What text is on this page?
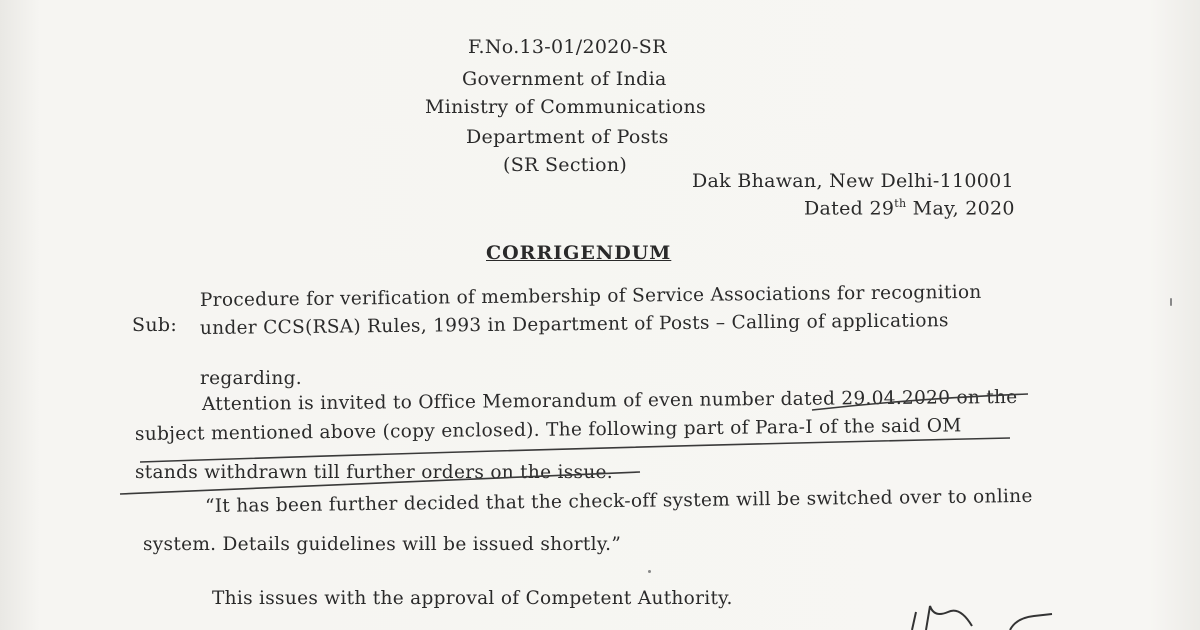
F.No.13-01/2020-SR
Government of India
Ministry of Communications
Department of Posts
(SR Section)
Dak Bhawan, New Delhi-110001
Dated 29th May, 2020
CORRIGENDUM
Sub:
Procedure for verification of membership of Service Associations for recognition
under CCS(RSA) Rules, 1993 in Department of Posts – Calling of applications
regarding.
Attention is invited to Office Memorandum of even number dated 29.04.2020 on the
subject mentioned above (copy enclosed). The following part of Para-I of the said OM
stands withdrawn till further orders on the issue.
“It has been further decided that the check-off system will be switched over to online
system. Details guidelines will be issued shortly.”
This issues with the approval of Competent Authority.
